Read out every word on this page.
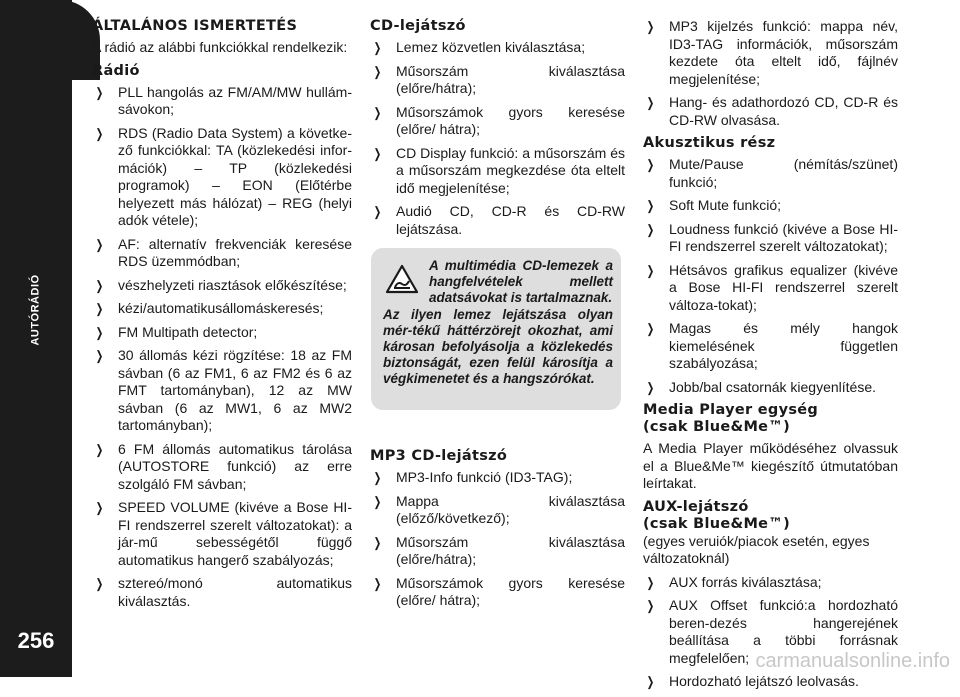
AUTÓRÁDIÓ
256
ÁLTALÁNOS ISMERTETÉS

A rádió az alábbi funkciókkal rendelkezik:

Rádió
❯ PLL hangolás az FM/AM/MW hullám-sávokon;
❯ RDS (Radio Data System) a követke-ző funkciókkal: TA (közlekedési infor-mációk) – TP (közlekedési programok) – EON (Előtérbe helyezett más hálózat) – REG (helyi adók vétele);
❯ AF: alternatív frekvenciák keresése RDS üzemmódban;
❯ vészhelyzeti riasztások előkészítése;
❯ kézi/automatikusállomáskeresés;
❯ FM Multipath detector;
❯ 30 állomás kézi rögzítése: 18 az FM sávban (6 az FM1, 6 az FM2 és 6 az FMT tartományban), 12 az MW sávban (6 az MW1, 6 az MW2 tartományban);
❯ 6 FM állomás automatikus tárolása (AUTOSTORE funkció) az erre szolgáló FM sávban;
❯ SPEED VOLUME (kivéve a Bose HI-FI rendszerrel szerelt változatokat): a jár-mű sebességétől függő automatikus hangerő szabályozás;
❯ sztereó/monó automatikus kiválasztás.
CD-lejátszó
❯ Lemez közvetlen kiválasztása;
❯ Műsorszám kiválasztása (előre/hátra);
❯ Műsorszámok gyors keresése (előre/ hátra);
❯ CD Display funkció: a műsorszám és a műsorszám megkezdése óta eltelt idő megjelenítése;
❯ Audió CD, CD-R és CD-RW lejátszása.
A multimédia CD-lemezek a hangfelvételek mellett adatsávokat is tartalmaznak.
Az ilyen lemez lejátszása olyan mér-tékű háttérzörejt okozhat, ami károsan befolyásolja a közlekedés biztonságát, ezen felül károsítja a végkimenetet és a hangszórókat.
MP3 CD-lejátszó
❯ MP3-Info funkció (ID3-TAG);
❯ Mappa kiválasztása (előző/következő);
❯ Műsorszám kiválasztása (előre/hátra);
❯ Műsorszámok gyors keresése (előre/ hátra);
❯ MP3 kijelzés funkció: mappa név, ID3-TAG információk, műsorszám kezdete óta eltelt idő, fájlnév megjelenítése;
❯ Hang- és adathordozó CD, CD-R és CD-RW olvasása.
Akusztikus rész
❯ Mute/Pause (némítás/szünet) funkció;
❯ Soft Mute funkció;
❯ Loudness funkció (kivéve a Bose HI-FI rendszerrel szerelt változatokat);
❯ Hétsávos grafikus equalizer (kivéve a Bose HI-FI rendszerrel szerelt változa-tokat);
❯ Magas és mély hangok kiemelésének független szabályozása;
❯ Jobb/bal csatornák kiegyenlítése.
Media Player egység
(csak Blue&Me™)

A Media Player működéséhez olvassuk el a Blue&Me™ kiegészítő útmutatóban leírtakat.

AUX-lejátszó
(csak Blue&Me™)

(egyes veruiók/piacok esetén, egyes változatoknál)

❯ AUX forrás kiválasztása;
❯ AUX Offset funkció:a hordozható beren-dezés hangerejének beállítása a többi forrásnak megfelelően;
❯ Hordozható lejátszó leolvasás.
carmanualsonline.info
